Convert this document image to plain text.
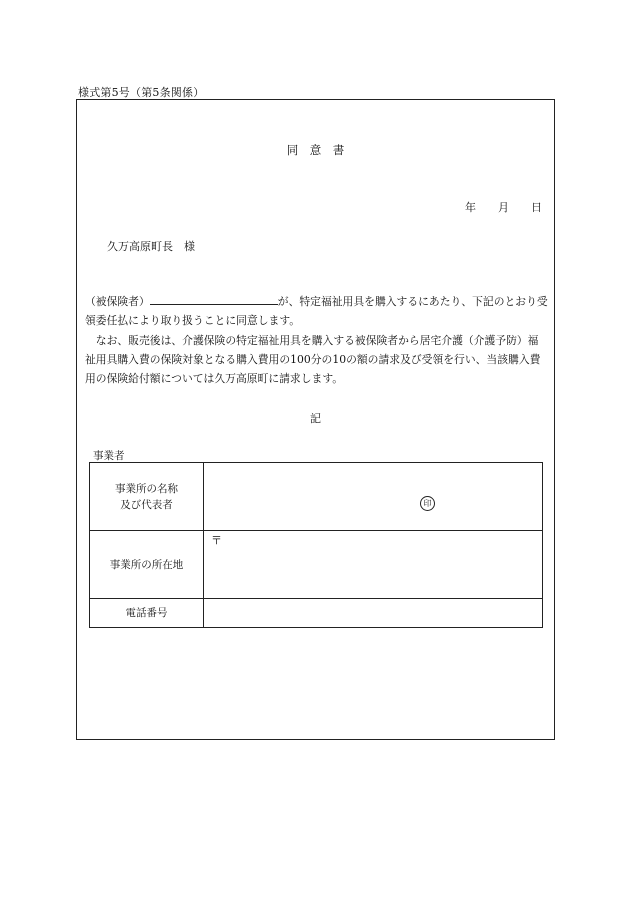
様式第5号（第5条関係）
同　意　書
年 月 日
久万高原町長　様
（被保険者）	が、特定福祉用具を購入するにあたり、下記のとおり受領委任払により取り扱うことに同意します。
　なお、販売後は、介護保険の特定福祉用具を購入する被保険者から居宅介護（介護予防）福祉用具購入費の保険対象となる購入費用の100分の10の額の請求及び受領を行い、当該購入費用の保険給付額については久万高原町に請求します。
記
事業者
事業所の名称
及び代表者	印

事業所の所在地	〒

電話番号	
